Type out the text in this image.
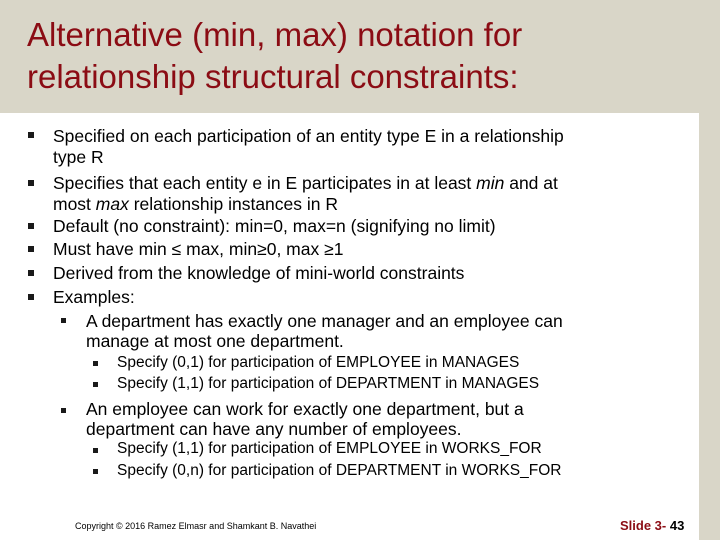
Alternative (min, max) notation for
relationship structural constraints:
Specified on each participation of an entity type E in a relationship
type R
Specifies that each entity e in E participates in at least min and at
most max relationship instances in R
Default (no constraint): min=0, max=n (signifying no limit)
Must have min ≤ max, min≥0, max ≥1
Derived from the knowledge of mini-world constraints
Examples:
A department has exactly one manager and an employee can
manage at most one department.
Specify (0,1) for participation of EMPLOYEE in MANAGES
Specify (1,1) for participation of DEPARTMENT in MANAGES
An employee can work for exactly one department, but a
department can have any number of employees.
Specify (1,1) for participation of EMPLOYEE in WORKS_FOR
Specify (0,n) for participation of DEPARTMENT in WORKS_FOR
Copyright © 2016 Ramez Elmasr and Shamkant B. Navathei	Slide 3- 43
